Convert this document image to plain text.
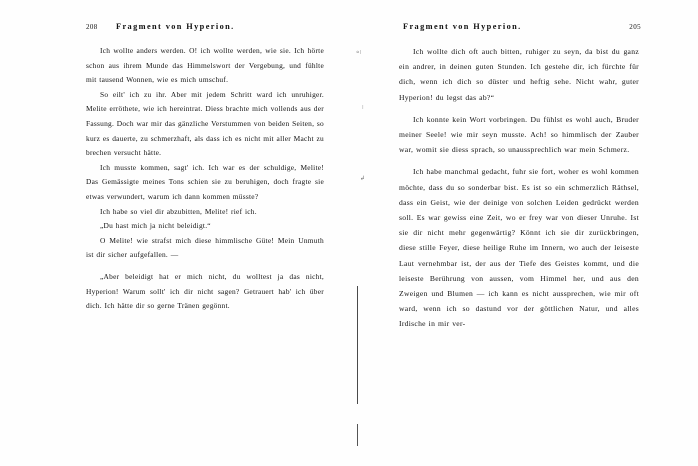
208 Fragment von Hyperion.

Ich wollte anders werden. O! ich wollte werden, wie sie. Ich hörte schon aus ihrem Munde das Himmelswort der Vergebung, und fühlte mit tausend Wonnen, wie es mich umschuf.

So eilt' ich zu ihr. Aber mit jedem Schritt ward ich unruhiger. Melite erröthete, wie ich hereintrat. Diess brachte mich vollends aus der Fassung. Doch war mir das gänzliche Verstummen von beiden Seiten, so kurz es dauerte, zu schmerzhaft, als dass ich es nicht mit aller Macht zu brechen versucht hätte.

Ich musste kommen, sagt' ich. Ich war es der schuldige, Melite! Das Gemässigte meines Tons schien sie zu beruhigen, doch fragte sie etwas verwundert, warum ich dann kommen müsste?

Ich habe so viel dir abzubitten, Melite! rief ich.

„Du hast mich ja nicht beleidigt.“

O Melite! wie strafst mich diese himmlische Güte! Mein Unmuth ist dir sicher aufgefallen. —

„Aber beleidigt hat er mich nicht, du wolltest ja das nicht, Hyperion! Warum sollt' ich dir nicht sagen? Getrauert hab' ich über dich. Ich hätte dir so gerne Tränen gegönnt.

Fragment von Hyperion.	205

Ich wollte dich oft auch bitten, ruhiger zu seyn, da bist du ganz ein andrer, in deinen guten Stunden. Ich gestehe dir, ich fürchte für dich, wenn ich dich so düster und heftig sehe. Nicht wahr, guter Hyperion! du legst das ab?“

Ich konnte kein Wort vorbringen. Du fühlst es wohl auch, Bruder meiner Seele! wie mir seyn musste. Ach! so himmlisch der Zauber war, womit sie diess sprach, so unaussprechlich war mein Schmerz.

Ich habe manchmal gedacht, fuhr sie fort, woher es wohl kommen möchte, dass du so sonderbar bist. Es ist so ein schmerzlich Räthsel, dass ein Geist, wie der deinige von solchen Leiden gedrückt werden soll. Es war gewiss eine Zeit, wo er frey war von dieser Unruhe. Ist sie dir nicht mehr gegenwärtig? Könnt ich sie dir zurückbringen, diese stille Feyer, diese heilige Ruhe im Innern, wo auch der leiseste Laut vernehmbar ist, der aus der Tiefe des Geistes kommt, und die leiseste Berührung von aussen, vom Himmel her, und aus den Zweigen und Blumen — ich kann es nicht aussprechen, wie mir oft ward, wenn ich so dastund vor der göttlichen Natur, und alles Irdische in mir ver-

⸰∶
∶
↲
